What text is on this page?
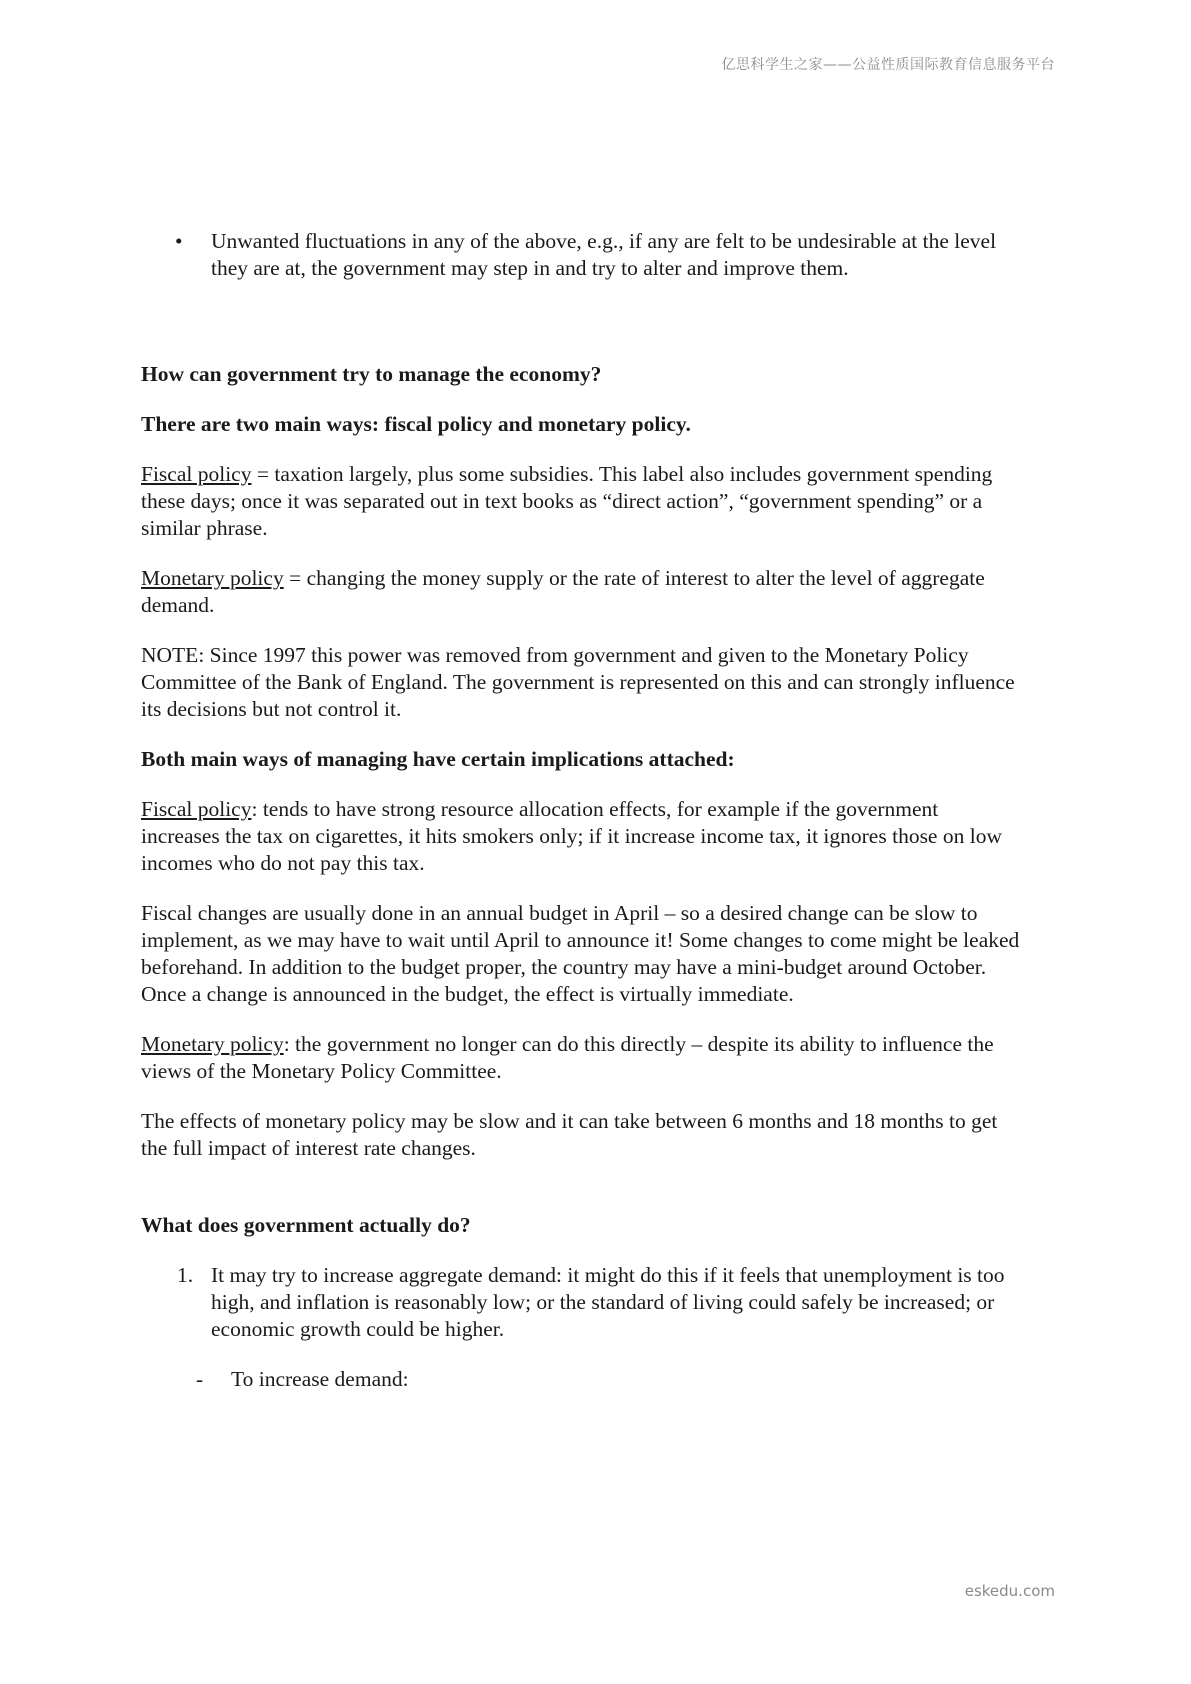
亿思科学生之家——公益性质国际教育信息服务平台

• Unwanted fluctuations in any of the above, e.g., if any are felt to be undesirable at the level they are at, the government may step in and try to alter and improve them.

How can government try to manage the economy?

There are two main ways: fiscal policy and monetary policy.

Fiscal policy = taxation largely, plus some subsidies. This label also includes government spending these days; once it was separated out in text books as “direct action”, “government spending” or a similar phrase.

Monetary policy = changing the money supply or the rate of interest to alter the level of aggregate demand.

NOTE: Since 1997 this power was removed from government and given to the Monetary Policy Committee of the Bank of England. The government is represented on this and can strongly influence its decisions but not control it.

Both main ways of managing have certain implications attached:

Fiscal policy: tends to have strong resource allocation effects, for example if the government increases the tax on cigarettes, it hits smokers only; if it increase income tax, it ignores those on low incomes who do not pay this tax.

Fiscal changes are usually done in an annual budget in April – so a desired change can be slow to implement, as we may have to wait until April to announce it! Some changes to come might be leaked beforehand. In addition to the budget proper, the country may have a mini-budget around October. Once a change is announced in the budget, the effect is virtually immediate.

Monetary policy: the government no longer can do this directly – despite its ability to influence the views of the Monetary Policy Committee.

The effects of monetary policy may be slow and it can take between 6 months and 18 months to get the full impact of interest rate changes.

What does government actually do?

1. It may try to increase aggregate demand: it might do this if it feels that unemployment is too high, and inflation is reasonably low; or the standard of living could safely be increased; or economic growth could be higher.

- To increase demand:

eskedu.com
